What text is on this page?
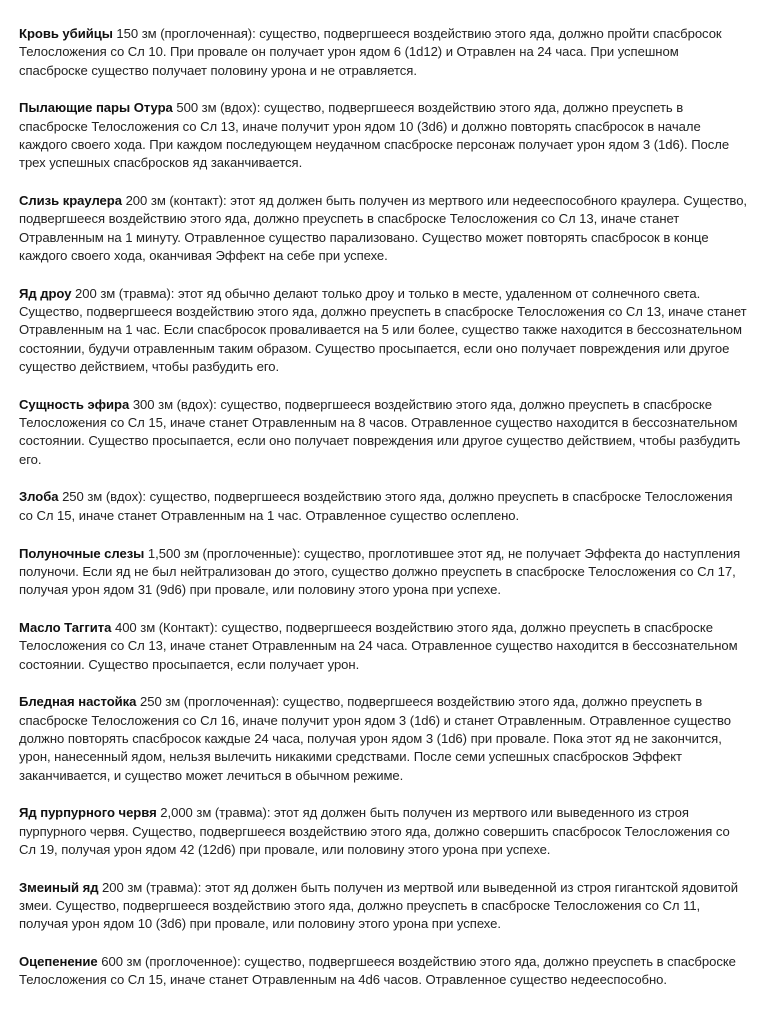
Кровь убийцы 150 зм (проглоченная): существо, подвергшееся воздействию этого яда, должно пройти спасбросок Телосложения со Сл 10. При провале он получает урон ядом 6 (1d12) и Отравлен на 24 часа. При успешном спасброске существо получает половину урона и не отравляется.

Пылающие пары Отура 500 зм (вдох): существо, подвергшееся воздействию этого яда, должно преуспеть в спасброске Телосложения со Сл 13, иначе получит урон ядом 10 (3d6) и должно повторять спасбросок в начале каждого своего хода. При каждом последующем неудачном спасброске персонаж получает урон ядом 3 (1d6). После трех успешных спасбросков яд заканчивается.

Слизь краулера 200 зм (контакт): этот яд должен быть получен из мертвого или недееспособного краулера. Существо, подвергшееся воздействию этого яда, должно преуспеть в спасброске Телосложения со Сл 13, иначе станет Отравленным на 1 минуту. Отравленное существо парализовано. Существо может повторять спасбросок в конце каждого своего хода, оканчивая Эффект на себе при успехе.

Яд дроу 200 зм (травма): этот яд обычно делают только дроу и только в месте, удаленном от солнечного света. Существо, подвергшееся воздействию этого яда, должно преуспеть в спасброске Телосложения со Сл 13, иначе станет Отравленным на 1 час. Если спасбросок проваливается на 5 или более, существо также находится в бессознательном состоянии, будучи отравленным таким образом. Существо просыпается, если оно получает повреждения или другое существо действием, чтобы разбудить его.

Сущность эфира 300 зм (вдох): существо, подвергшееся воздействию этого яда, должно преуспеть в спасброске Телосложения со Сл 15, иначе станет Отравленным на 8 часов. Отравленное существо находится в бессознательном состоянии. Существо просыпается, если оно получает повреждения или другое существо действием, чтобы разбудить его.

Злоба 250 зм (вдох): существо, подвергшееся воздействию этого яда, должно преуспеть в спасброске Телосложения со Сл 15, иначе станет Отравленным на 1 час. Отравленное существо ослеплено.

Полуночные слезы 1,500 зм (проглоченные): существо, проглотившее этот яд, не получает Эффекта до наступления полуночи. Если яд не был нейтрализован до этого, существо должно преуспеть в спасброске Телосложения со Сл 17, получая урон ядом 31 (9d6) при провале, или половину этого урона при успехе.

Масло Таггита 400 зм (Контакт): существо, подвергшееся воздействию этого яда, должно преуспеть в спасброске Телосложения со Сл 13, иначе станет Отравленным на 24 часа. Отравленное существо находится в бессознательном состоянии. Существо просыпается, если получает урон.

Бледная настойка 250 зм (проглоченная): существо, подвергшееся воздействию этого яда, должно преуспеть в спасброске Телосложения со Сл 16, иначе получит урон ядом 3 (1d6) и станет Отравленным. Отравленное существо должно повторять спасбросок каждые 24 часа, получая урон ядом 3 (1d6) при провале. Пока этот яд не закончится, урон, нанесенный ядом, нельзя вылечить никакими средствами. После семи успешных спасбросков Эффект заканчивается, и существо может лечиться в обычном режиме.

Яд пурпурного червя 2,000 зм (травма): этот яд должен быть получен из мертвого или выведенного из строя пурпурного червя. Существо, подвергшееся воздействию этого яда, должно совершить спасбросок Телосложения со Сл 19, получая урон ядом 42 (12d6) при провале, или половину этого урона при успехе.

Змеиный яд 200 зм (травма): этот яд должен быть получен из мертвой или выведенной из строя гигантской ядовитой змеи. Существо, подвергшееся воздействию этого яда, должно преуспеть в спасброске Телосложения со Сл 11, получая урон ядом 10 (3d6) при провале, или половину этого урона при успехе.

Оцепенение 600 зм (проглоченное): существо, подвергшееся воздействию этого яда, должно преуспеть в спасброске Телосложения со Сл 15, иначе станет Отравленным на 4d6 часов. Отравленное существо недееспособно.
